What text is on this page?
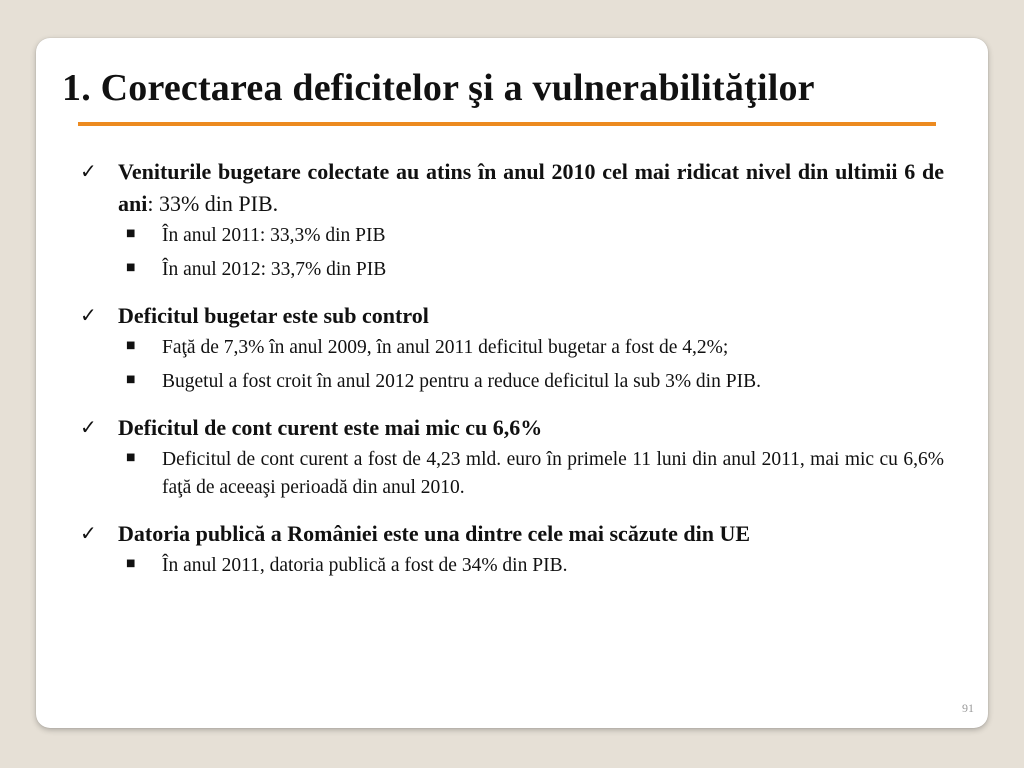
1. Corectarea deficitelor şi a vulnerabilităţilor
✓ Veniturile bugetare colectate au atins în anul 2010 cel mai ridicat nivel din ultimii 6 de ani: 33% din PIB.
■	În anul 2011: 33,3% din PIB
■	În anul 2012: 33,7% din PIB
✓ Deficitul bugetar este sub control
■	Faţă de 7,3% în anul 2009, în anul 2011 deficitul bugetar a fost de 4,2%;
■	Bugetul a fost croit în anul 2012 pentru a reduce deficitul la sub 3% din PIB.
✓ Deficitul de cont curent este mai mic cu 6,6%
■	Deficitul de cont curent a fost de 4,23 mld. euro în primele 11 luni din anul 2011, mai mic cu 6,6% faţă de aceeaşi perioadă din anul 2010.
✓ Datoria publică a României este una dintre cele mai scăzute din UE
■	În anul 2011, datoria publică a fost de 34% din PIB.
91
